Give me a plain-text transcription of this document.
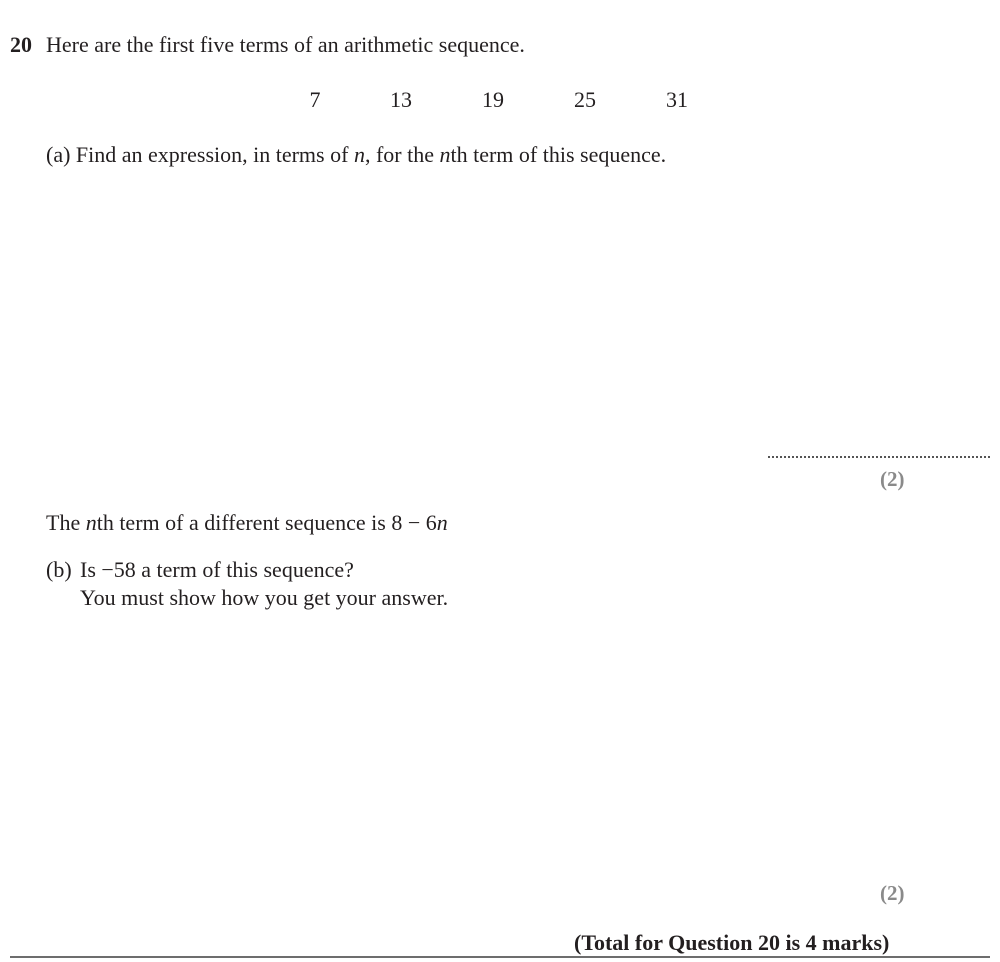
20 Here are the first five terms of an arithmetic sequence.
7	13	19	25	31
(a) Find an expression, in terms of n, for the nth term of this sequence.
(2)
The nth term of a different sequence is 8 − 6n
(b) Is −58 a term of this sequence?
You must show how you get your answer.
(2)
(Total for Question 20 is 4 marks)
